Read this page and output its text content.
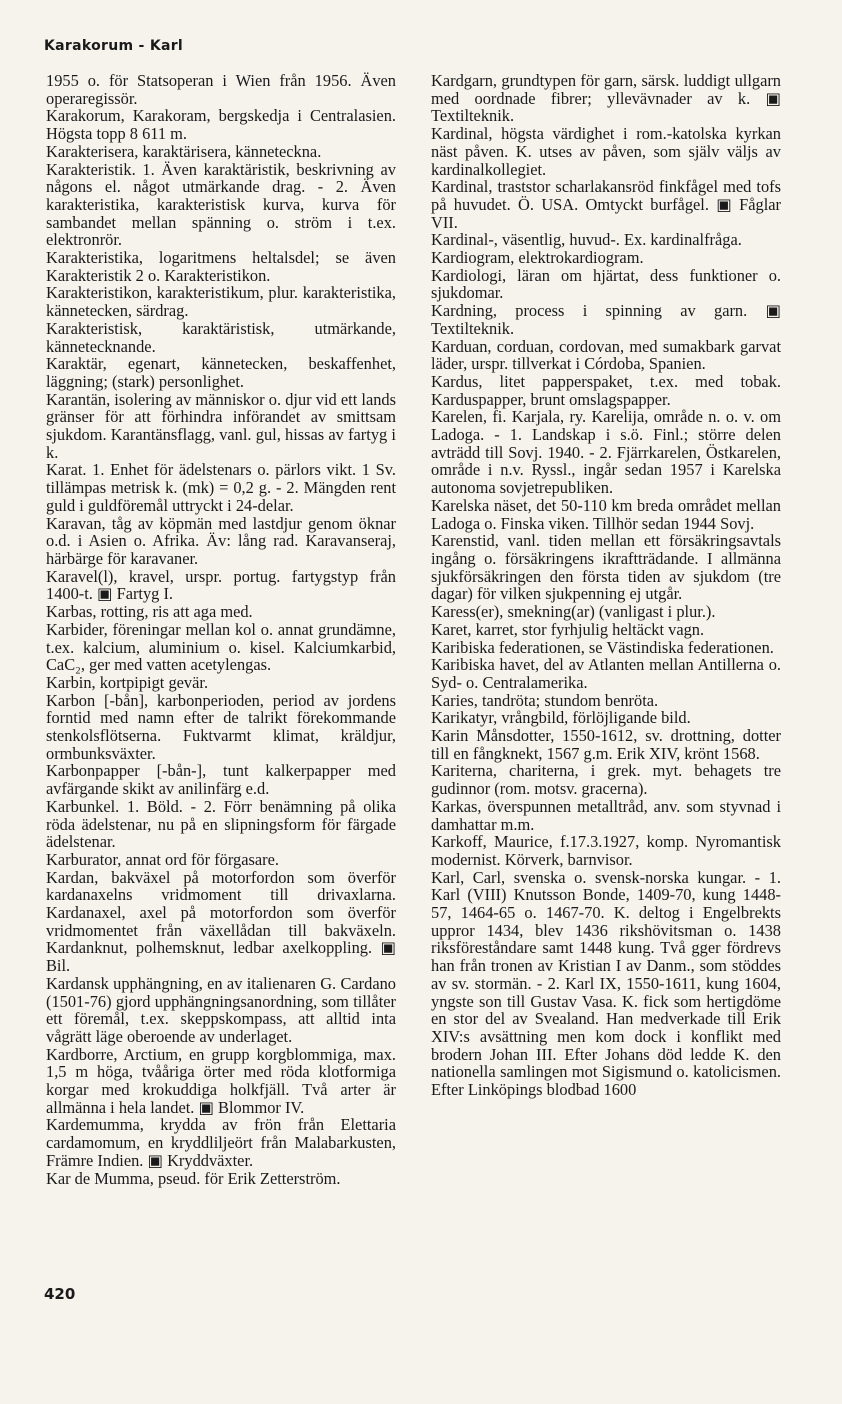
Karakorum - Karl

1955 o. för Statsoperan i Wien från 1956. Även operaregissör.

Karakorum, Karakoram, bergskedja i Centralasien. Högsta topp 8 611 m.

Karakterisera, karaktärisera, känneteckna.

Karakteristik. 1. Även karaktäristik, beskrivning av någons el. något utmärkande drag. - 2. Även karakteristika, karakteristisk kurva, kurva för sambandet mellan spänning o. ström i t.ex. elektronrör.

Karakteristika, logaritmens heltalsdel; se även Karakteristik 2 o. Karakteristikon.

Karakteristikon, karakteristikum, plur. karakteristika, kännetecken, särdrag.

Karakteristisk, karaktäristisk, utmärkande, kännetecknande.

Karaktär, egenart, kännetecken, beskaffenhet, läggning; (stark) personlighet.

Karantän, isolering av människor o. djur vid ett lands gränser för att förhindra införandet av smittsam sjukdom. Karantänsflagg, vanl. gul, hissas av fartyg i k.

Karat. 1. Enhet för ädelstenars o. pärlors vikt. 1 Sv. tillämpas metrisk k. (mk) = 0,2 g. - 2. Mängden rent guld i guldföremål uttryckt i 24-delar.

Karavan, tåg av köpmän med lastdjur genom öknar o.d. i Asien o. Afrika. Äv: lång rad. Karavanseraj, härbärge för karavaner.

Karavel(l), kravel, urspr. portug. fartygstyp från 1400-t. ▣ Fartyg I.

Karbas, rotting, ris att aga med.

Karbider, föreningar mellan kol o. annat grundämne, t.ex. kalcium, aluminium o. kisel. Kalciumkarbid, CaC₂, ger med vatten acetylengas.

Karbin, kortpipigt gevär.

Karbon [-bån], karbonperioden, period av jordens forntid med namn efter de talrikt förekommande stenkolsflötserna. Fuktvarmt klimat, kräldjur, ormbunksväxter.

Karbonpapper [-bån-], tunt kalkerpapper med avfärgande skikt av anilinfärg e.d.

Karbunkel. 1. Böld. - 2. Förr benämning på olika röda ädelstenar, nu på en slipningsform för färgade ädelstenar.

Karburator, annat ord för förgasare.

Kardan, bakväxel på motorfordon som överför kardanaxelns vridmoment till drivaxlarna. Kardanaxel, axel på motorfordon som överför vridmomentet från växellådan till bakväxeln. Kardanknut, polhemsknut, ledbar axelkoppling. ▣ Bil.

Kardansk upphängning, en av italienaren G. Cardano (1501-76) gjord upphängningsanordning, som tillåter ett föremål, t.ex. skeppskompass, att alltid inta vågrätt läge oberoende av underlaget.

Kardborre, Arctium, en grupp korgblommiga, max. 1,5 m höga, tvååriga örter med röda klotformiga korgar med krokuddiga holkfjäll. Två arter är allmänna i hela landet. ▣ Blommor IV.

Kardemumma, krydda av frön från Elettaria cardamomum, en kryddliljeört från Malabarkusten, Främre Indien. ▣ Kryddväxter.

Kar de Mumma, pseud. för Erik Zetterström.

Kardgarn, grundtypen för garn, särsk. luddigt ullgarn med oordnade fibrer; yllevävnader av k. ▣ Textilteknik.

Kardinal, högsta värdighet i rom.-katolska kyrkan näst påven. K. utses av påven, som själv väljs av kardinalkollegiet.

Kardinal, traststor scharlakansröd finkfågel med tofs på huvudet. Ö. USA. Omtyckt burfågel. ▣ Fåglar VII.

Kardinal-, väsentlig, huvud-. Ex. kardinalfråga.

Kardiogram, elektrokardiogram.

Kardiologi, läran om hjärtat, dess funktioner o. sjukdomar.

Kardning, process i spinning av garn. ▣ Textilteknik.

Karduan, corduan, cordovan, med sumakbark garvat läder, urspr. tillverkat i Córdoba, Spanien.

Kardus, litet papperspaket, t.ex. med tobak. Karduspapper, brunt omslagspapper.

Karelen, fi. Karjala, ry. Karelija, område n. o. v. om Ladoga. - 1. Landskap i s.ö. Finl.; större delen avträdd till Sovj. 1940. - 2. Fjärrkarelen, Östkarelen, område i n.v. Ryssl., ingår sedan 1957 i Karelska autonoma sovjetrepubliken.

Karelska näset, det 50-110 km breda området mellan Ladoga o. Finska viken. Tillhör sedan 1944 Sovj.

Karenstid, vanl. tiden mellan ett försäkringsavtals ingång o. försäkringens ikraftträdande. I allmänna sjukförsäkringen den första tiden av sjukdom (tre dagar) för vilken sjukpenning ej utgår.

Karess(er), smekning(ar) (vanligast i plur.).

Karet, karret, stor fyrhjulig heltäckt vagn.

Karibiska federationen, se Västindiska federationen.

Karibiska havet, del av Atlanten mellan Antillerna o. Syd- o. Centralamerika.

Karies, tandröta; stundom benröta.

Karikatyr, vrångbild, förlöjligande bild.

Karin Månsdotter, 1550-1612, sv. drottning, dotter till en fångknekt, 1567 g.m. Erik XIV, krönt 1568.

Kariterna, chariterna, i grek. myt. behagets tre gudinnor (rom. motsv. gracerna).

Karkas, överspunnen metalltråd, anv. som styvnad i damhattar m.m.

Karkoff, Maurice, f.17.3.1927, komp. Nyromantisk modernist. Körverk, barnvisor.

Karl, Carl, svenska o. svensk-norska kungar. - 1. Karl (VIII) Knutsson Bonde, 1409-70, kung 1448-57, 1464-65 o. 1467-70. K. deltog i Engelbrekts uppror 1434, blev 1436 rikshövitsman o. 1438 riksföreståndare samt 1448 kung. Två gger fördrevs han från tronen av Kristian I av Danm., som stöddes av sv. stormän. - 2. Karl IX, 1550-1611, kung 1604, yngste son till Gustav Vasa. K. fick som hertigdöme en stor del av Svealand. Han medverkade till Erik XIV:s avsättning men kom dock i konflikt med brodern Johan III. Efter Johans död ledde K. den nationella samlingen mot Sigismund o. katolicismen. Efter Linköpings blodbad 1600

420
